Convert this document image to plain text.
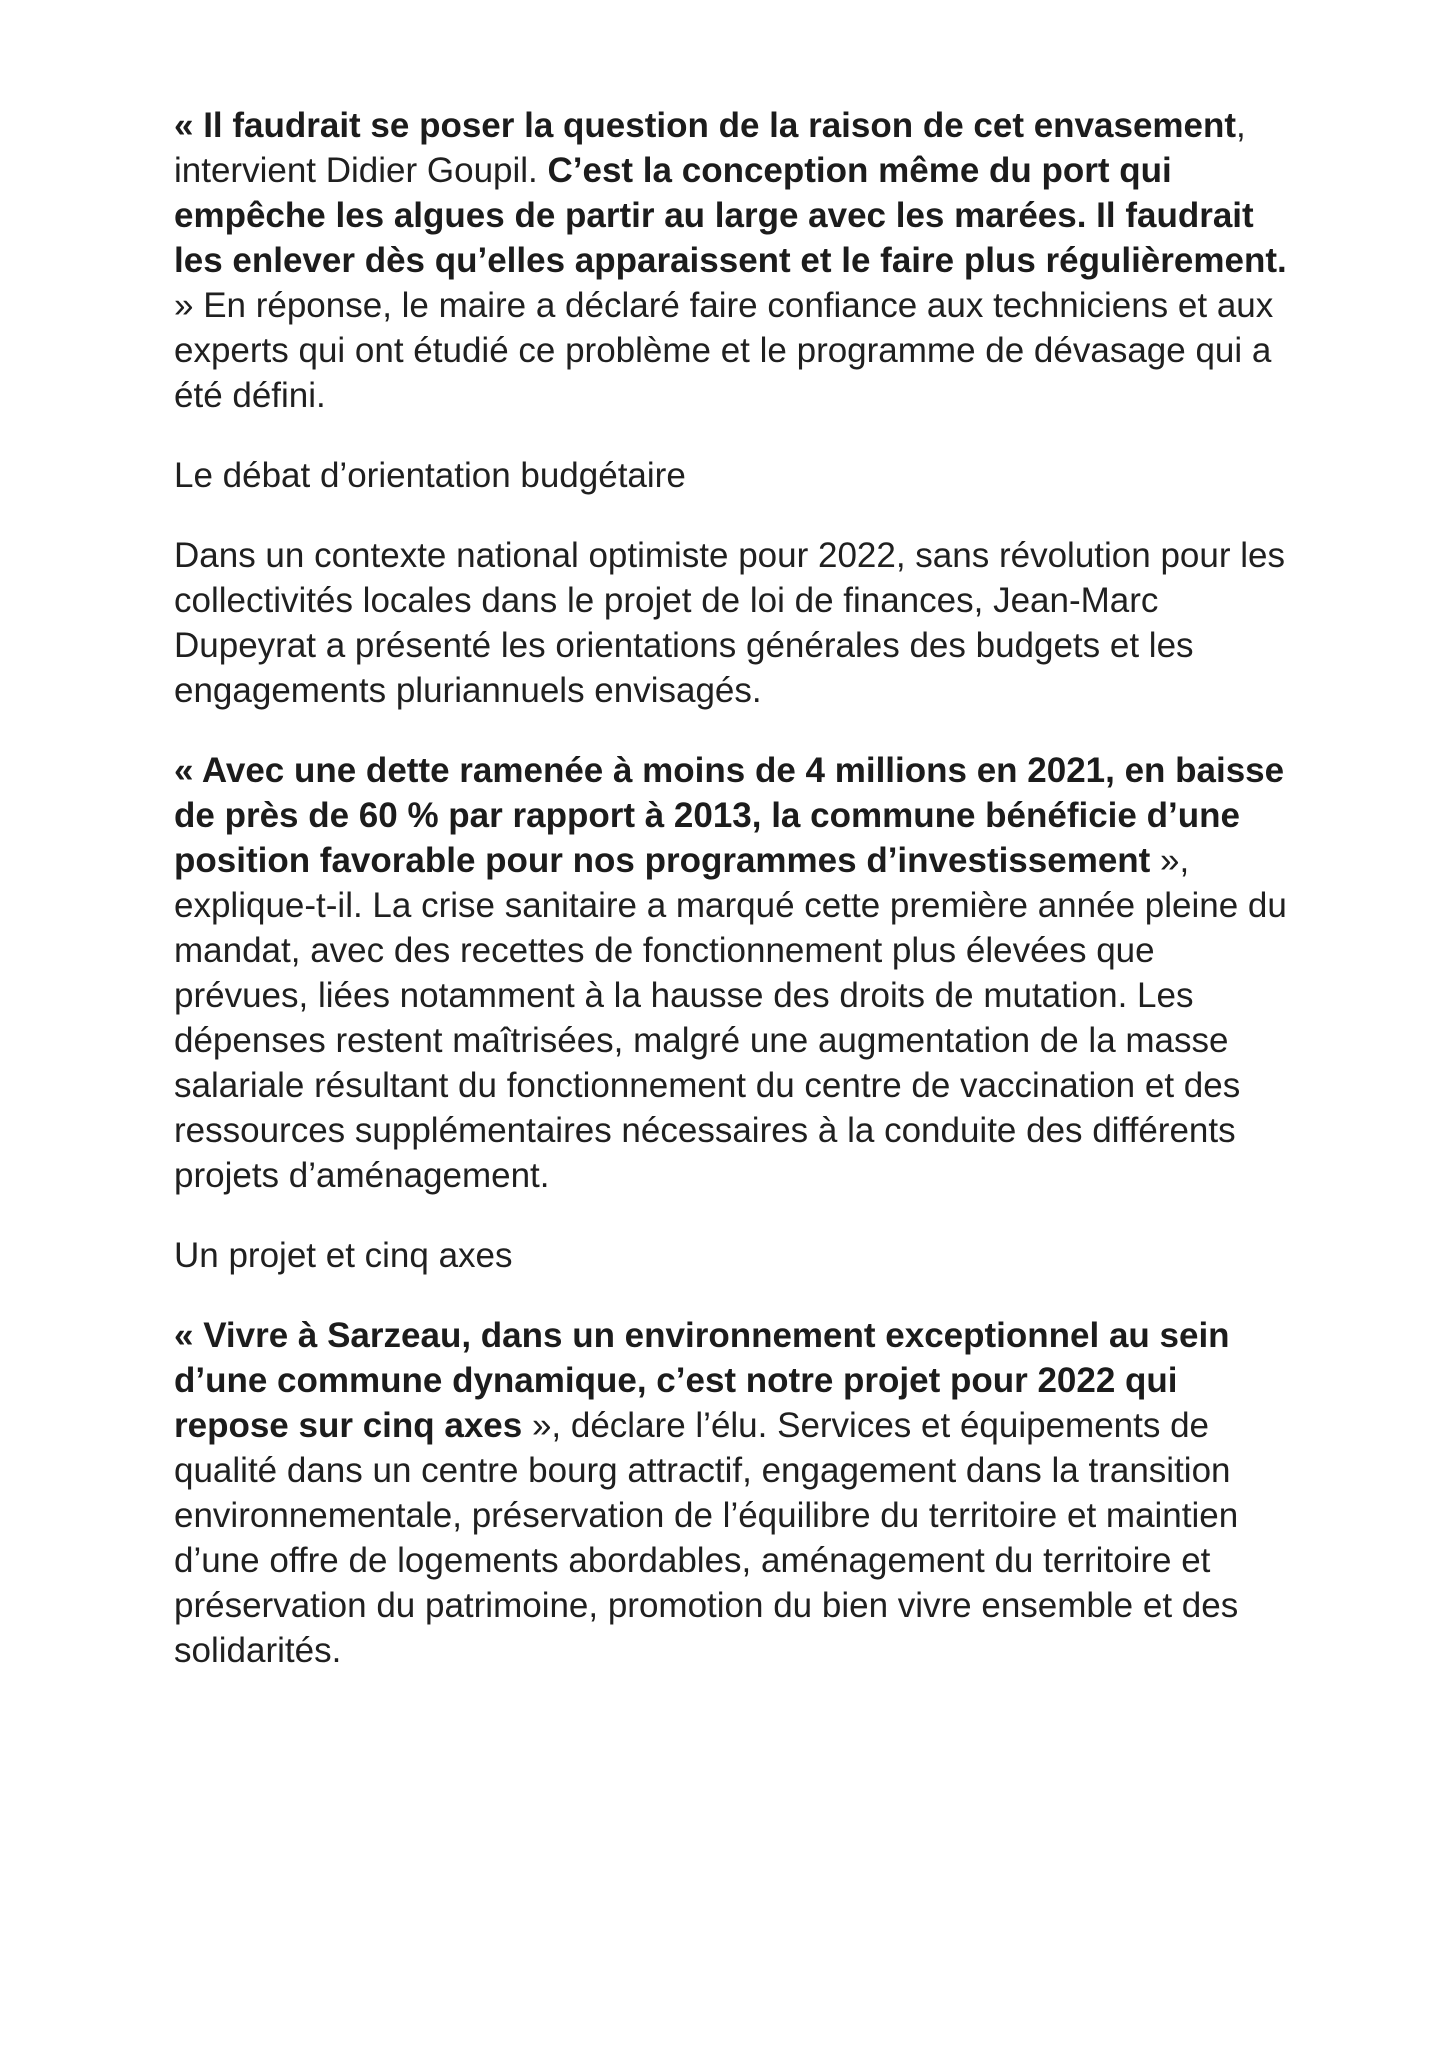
« Il faudrait se poser la question de la raison de cet envasement, intervient Didier Goupil. C’est la conception même du port qui empêche les algues de partir au large avec les marées. Il faudrait les enlever dès qu’elles apparaissent et le faire plus régulièrement. » En réponse, le maire a déclaré faire confiance aux techniciens et aux experts qui ont étudié ce problème et le programme de dévasage qui a été défini.

Le débat d’orientation budgétaire

Dans un contexte national optimiste pour 2022, sans révolution pour les collectivités locales dans le projet de loi de finances, Jean-Marc Dupeyrat a présenté les orientations générales des budgets et les engagements pluriannuels envisagés.

« Avec une dette ramenée à moins de 4 millions en 2021, en baisse de près de 60 % par rapport à 2013, la commune bénéficie d’une position favorable pour nos programmes d’investissement », explique-t-il. La crise sanitaire a marqué cette première année pleine du mandat, avec des recettes de fonctionnement plus élevées que prévues, liées notamment à la hausse des droits de mutation. Les dépenses restent maîtrisées, malgré une augmentation de la masse salariale résultant du fonctionnement du centre de vaccination et des ressources supplémentaires nécessaires à la conduite des différents projets d’aménagement.

Un projet et cinq axes

« Vivre à Sarzeau, dans un environnement exceptionnel au sein d’une commune dynamique, c’est notre projet pour 2022 qui repose sur cinq axes », déclare l’élu. Services et équipements de qualité dans un centre bourg attractif, engagement dans la transition environnementale, préservation de l’équilibre du territoire et maintien d’une offre de logements abordables, aménagement du territoire et préservation du patrimoine, promotion du bien vivre ensemble et des solidarités.
